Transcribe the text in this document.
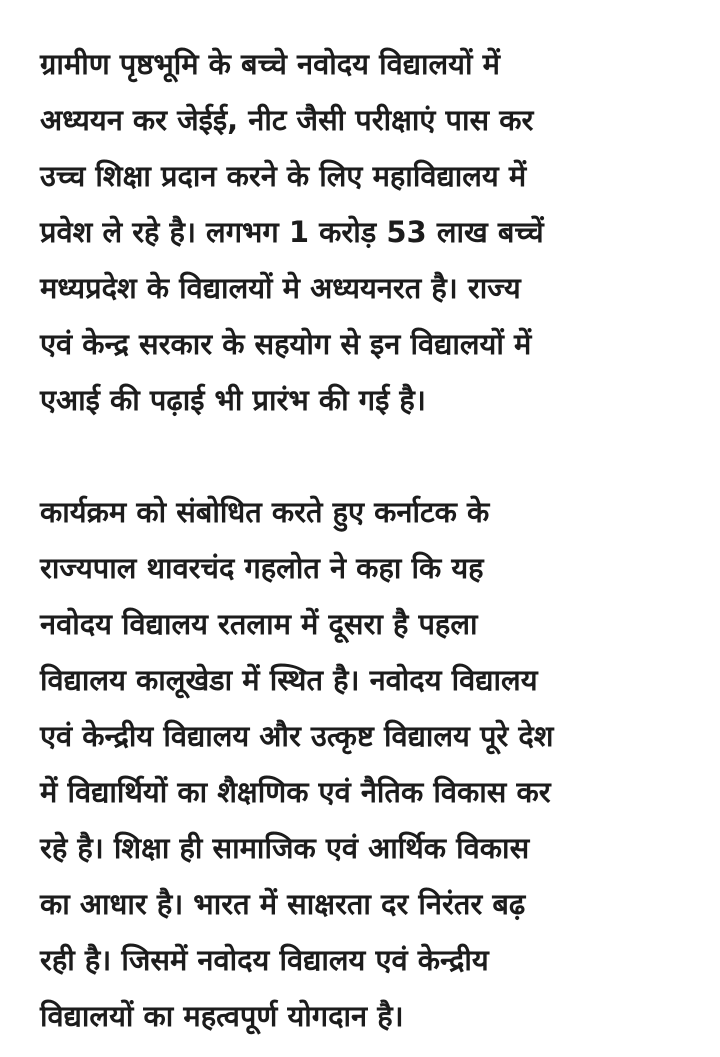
ग्रामीण पृष्ठभूमि के बच्चे नवोदय विद्यालयों में
अध्ययन कर जेईई, नीट जैसी परीक्षाएं पास कर
उच्च शिक्षा प्रदान करने के लिए महाविद्यालय में
प्रवेश ले रहे है। लगभग 1 करोड़ 53 लाख बच्चें
मध्यप्रदेश के विद्यालयों मे अध्ययनरत है। राज्य
एवं केन्द्र सरकार के सहयोग से इन विद्यालयों में
एआई की पढ़ाई भी प्रारंभ की गई है।

कार्यक्रम को संबोधित करते हुए कर्नाटक के
राज्यपाल थावरचंद गहलोत ने कहा कि यह
नवोदय विद्यालय रतलाम में दूसरा है पहला
विद्यालय कालूखेडा में स्थित है। नवोदय विद्यालय
एवं केन्द्रीय विद्यालय और उत्कृष्ट विद्यालय पूरे देश
में विद्यार्थियों का शैक्षणिक एवं नैतिक विकास कर
रहे है। शिक्षा ही सामाजिक एवं आर्थिक विकास
का आधार है। भारत में साक्षरता दर निरंतर बढ़
रही है। जिसमें नवोदय विद्यालय एवं केन्द्रीय
विद्यालयों का महत्वपूर्ण योगदान है।
